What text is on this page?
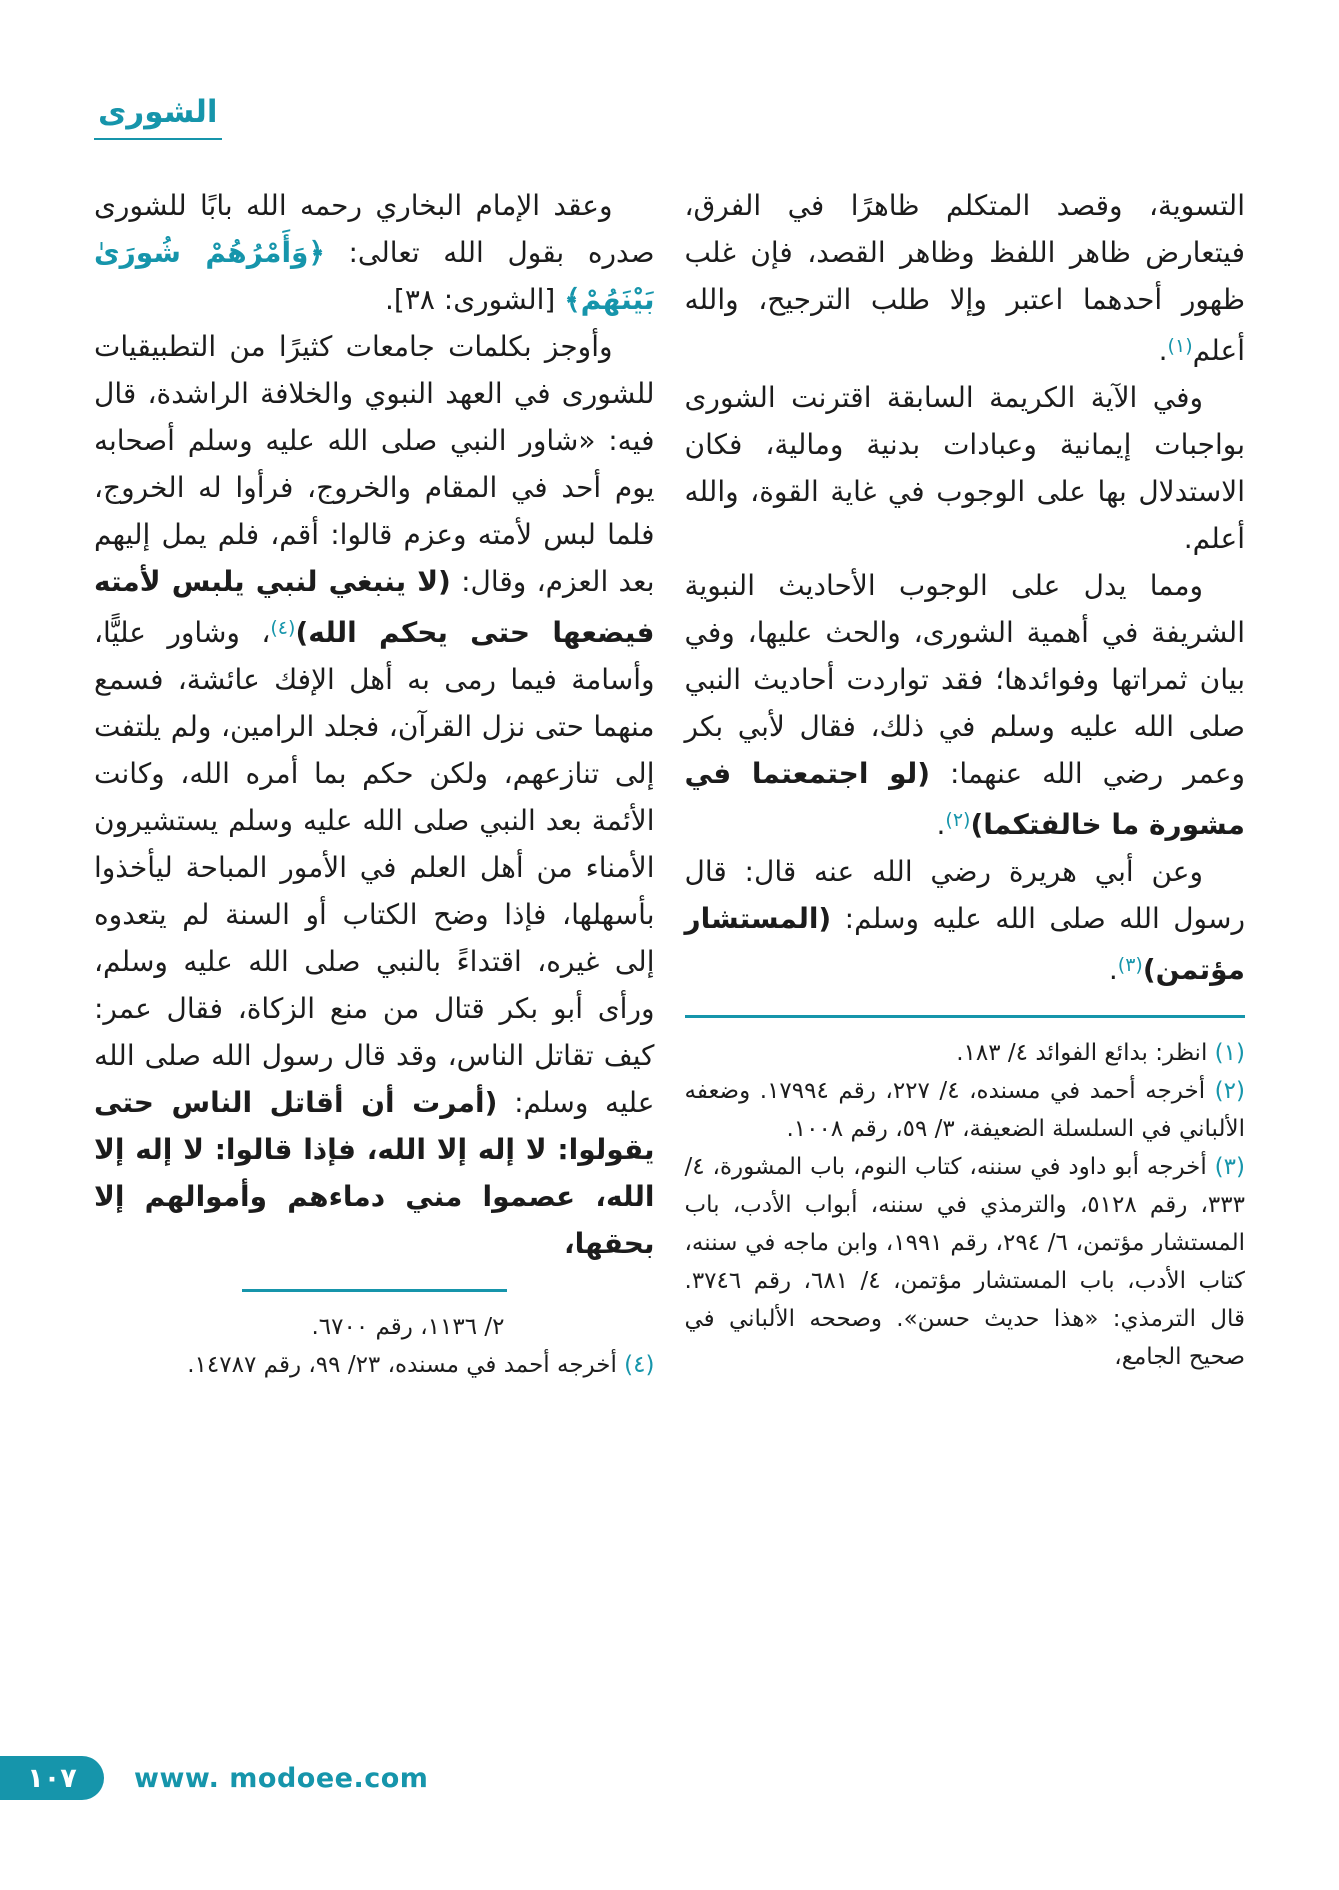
الشورى

التسوية، وقصد المتكلم ظاهرًا في الفرق، فيتعارض ظاهر اللفظ وظاهر القصد، فإن غلب ظهور أحدهما اعتبر وإلا طلب الترجيح، والله أعلم$^{(١)}$.

وفي الآية الكريمة السابقة اقترنت الشورى بواجبات إيمانية وعبادات بدنية ومالية، فكان الاستدلال بها على الوجوب في غاية القوة، والله أعلم.

ومما يدل على الوجوب الأحاديث النبوية الشريفة في أهمية الشورى، والحث عليها، وفي بيان ثمراتها وفوائدها؛ فقد تواردت أحاديث النبي صلى الله عليه وسلم في ذلك، فقال لأبي بكر وعمر رضي الله عنهما: (لو اجتمعتما في مشورة ما خالفتكما)$^{(٢)}$.

وعن أبي هريرة رضي الله عنه قال: قال رسول الله صلى الله عليه وسلم: (المستشار مؤتمن)$^{(٣)}$.

(١) انظر: بدائع الفوائد ٤/ ١٨٣.

(٢) أخرجه أحمد في مسنده، ٤/ ٢٢٧، رقم ١٧٩٩٤. وضعفه الألباني في السلسلة الضعيفة، ٣/ ٥٩، رقم ١٠٠٨.

(٣) أخرجه أبو داود في سننه، كتاب النوم، باب المشورة، ٤/ ٣٣٣، رقم ٥١٢٨، والترمذي في سننه، أبواب الأدب، باب المستشار مؤتمن، ٦/ ٢٩٤، رقم ١٩٩١، وابن ماجه في سننه، كتاب الأدب، باب المستشار مؤتمن، ٤/ ٦٨١، رقم ٣٧٤٦. قال الترمذي: «هذا حديث حسن». وصححه الألباني في صحيح الجامع،

وعقد الإمام البخاري رحمه الله بابًا للشورى صدره بقول الله تعالى: ﴿وَأَمْرُهُمْ شُورَىٰ بَيْنَهُمْ﴾ [الشورى: ٣٨].

وأوجز بكلمات جامعات كثيرًا من التطبيقيات للشورى في العهد النبوي والخلافة الراشدة، قال فيه: «شاور النبي صلى الله عليه وسلم أصحابه يوم أحد في المقام والخروج، فرأوا له الخروج، فلما لبس لأمته وعزم قالوا: أقم، فلم يمل إليهم بعد العزم، وقال: (لا ينبغي لنبي يلبس لأمته فيضعها حتى يحكم الله)$^{(٤)}$، وشاور عليًّا، وأسامة فيما رمى به أهل الإفك عائشة، فسمع منهما حتى نزل القرآن، فجلد الرامين، ولم يلتفت إلى تنازعهم، ولكن حكم بما أمره الله، وكانت الأئمة بعد النبي صلى الله عليه وسلم يستشيرون الأمناء من أهل العلم في الأمور المباحة ليأخذوا بأسهلها، فإذا وضح الكتاب أو السنة لم يتعدوه إلى غيره، اقتداءً بالنبي صلى الله عليه وسلم، ورأى أبو بكر قتال من منع الزكاة، فقال عمر: كيف تقاتل الناس، وقد قال رسول الله صلى الله عليه وسلم: (أمرت أن أقاتل الناس حتى يقولوا: لا إله إلا الله، فإذا قالوا: لا إله إلا الله، عصموا مني دماءهم وأموالهم إلا بحقها،

٢/ ١١٣٦، رقم ٦٧٠٠.

(٤) أخرجه أحمد في مسنده، ٢٣/ ٩٩، رقم ١٤٧٨٧.

١٠٧ www. modoee.com
